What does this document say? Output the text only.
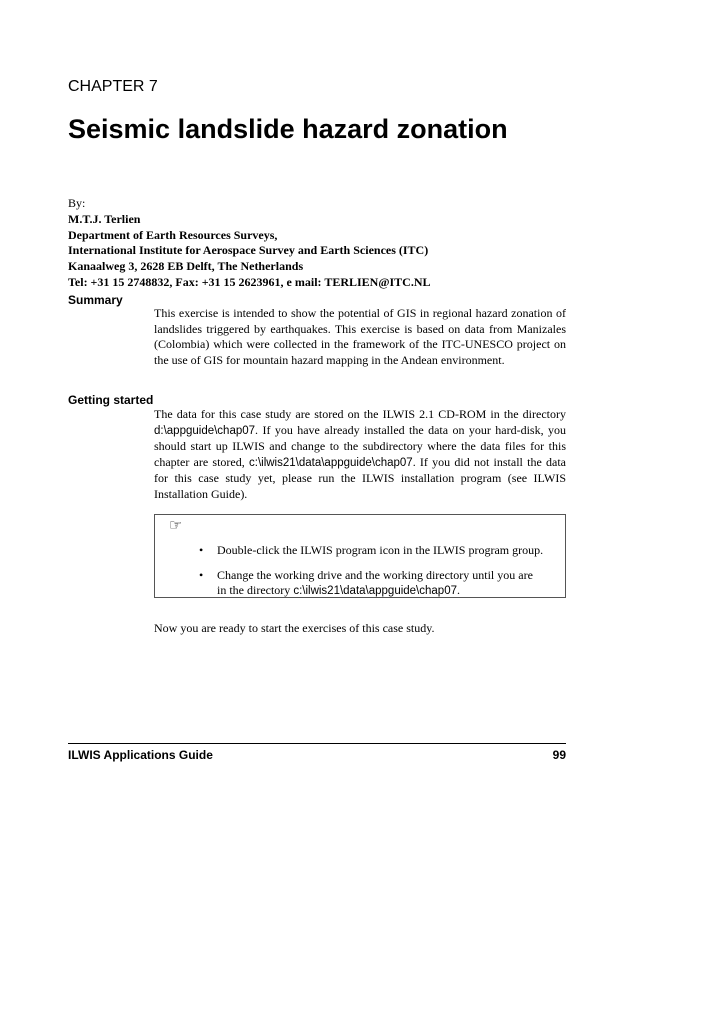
CHAPTER 7
Seismic landslide hazard zonation
By:
M.T.J. Terlien
Department of Earth Resources Surveys,
International Institute for Aerospace Survey and Earth Sciences (ITC)
Kanaalweg 3, 2628 EB Delft, The Netherlands
Tel: +31 15 2748832, Fax: +31 15 2623961, e mail: TERLIEN@ITC.NL
Summary

This exercise is intended to show the potential of GIS in regional hazard zonation of landslides triggered by earthquakes. This exercise is based on data from Manizales (Colombia) which were collected in the framework of the ITC-UNESCO project on the use of GIS for mountain hazard mapping in the Andean environment.

Getting started

The data for this case study are stored on the ILWIS 2.1 CD-ROM in the directory d:\appguide\chap07. If you have already installed the data on your hard-disk, you should start up ILWIS and change to the subdirectory where the data files for this chapter are stored, c:\ilwis21\data\appguide\chap07. If you did not install the data for this case study yet, please run the ILWIS installation program (see ILWIS Installation Guide).

☞
• Double-click the ILWIS program icon in the ILWIS program group.
• Change the working drive and the working directory until you are in the directory c:\ilwis21\data\appguide\chap07.

Now you are ready to start the exercises of this case study.

ILWIS Applications Guide	99
